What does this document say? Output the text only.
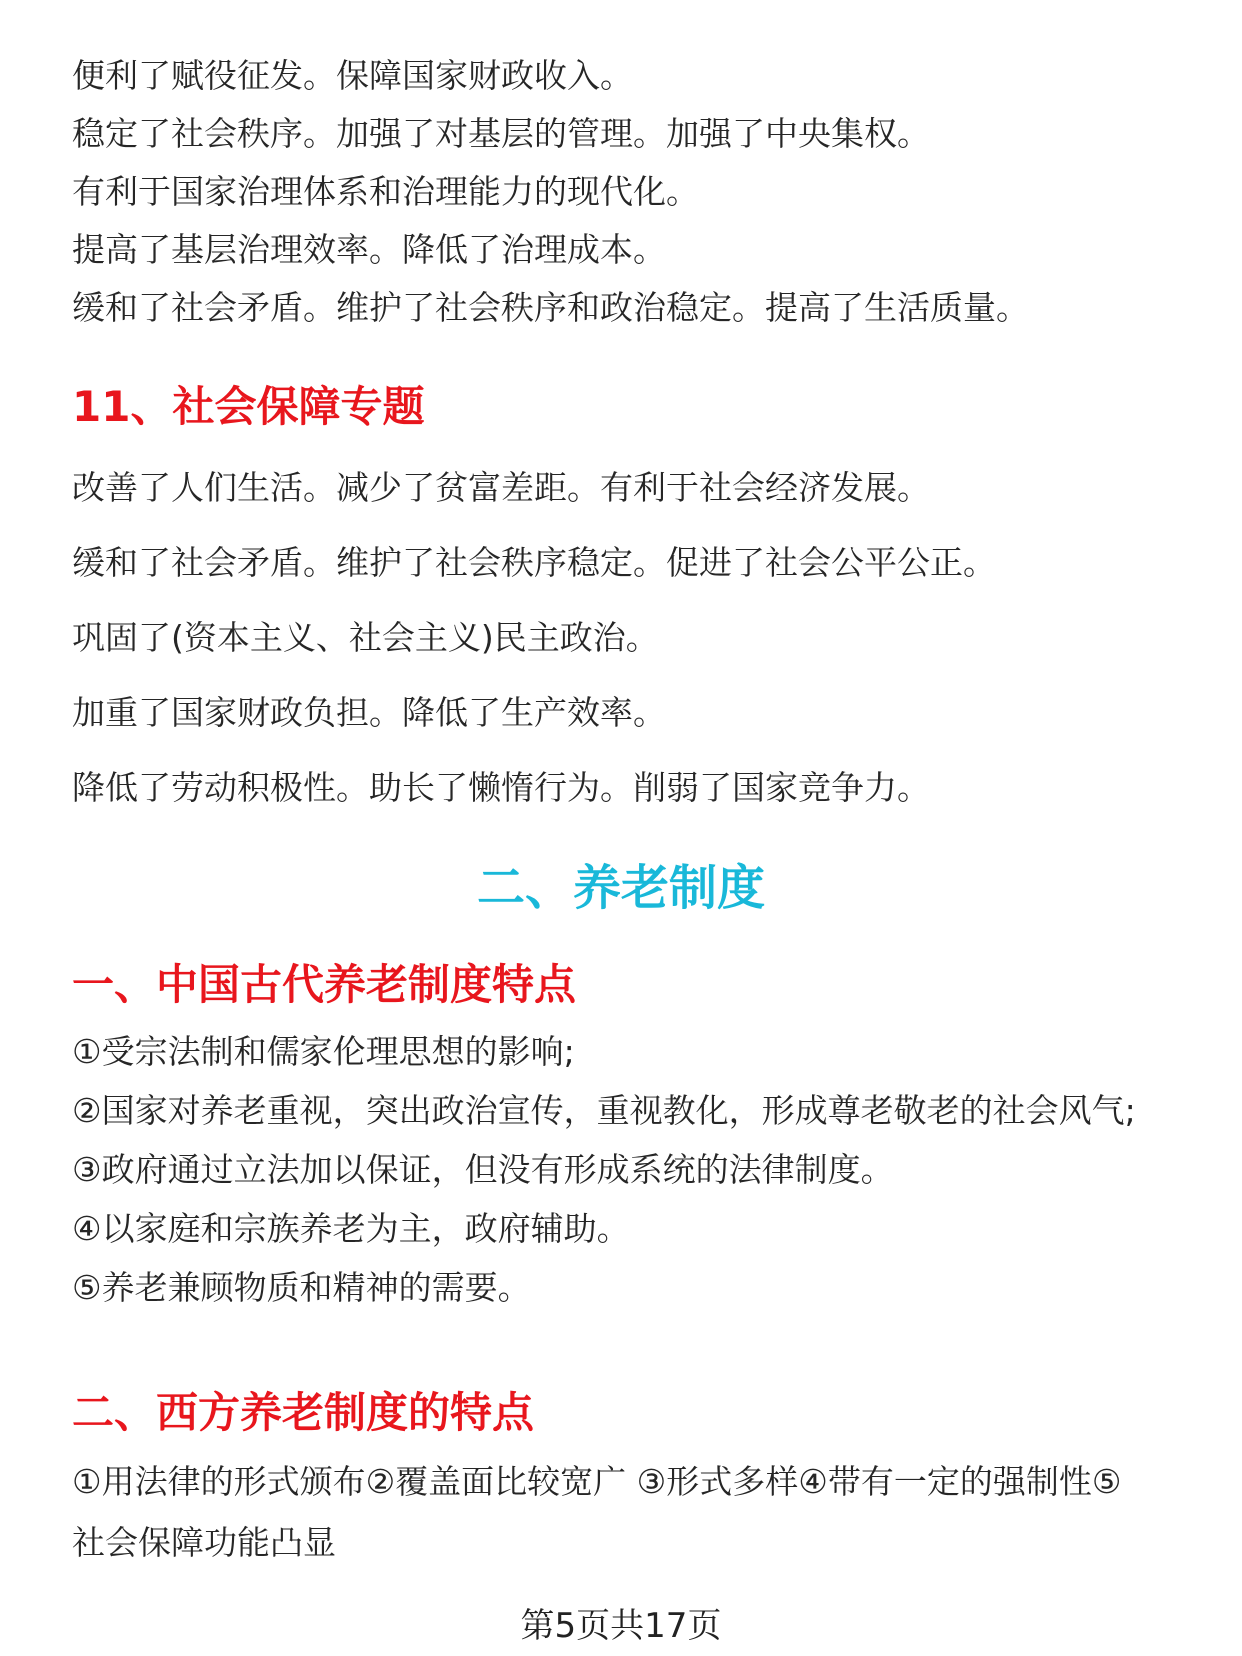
便利了赋役征发。保障国家财政收入。
稳定了社会秩序。加强了对基层的管理。加强了中央集权。
有利于国家治理体系和治理能力的现代化。
提高了基层治理效率。降低了治理成本。
缓和了社会矛盾。维护了社会秩序和政治稳定。提高了生活质量。
11、社会保障专题
改善了人们生活。减少了贫富差距。有利于社会经济发展。
缓和了社会矛盾。维护了社会秩序稳定。促进了社会公平公正。
巩固了(资本主义、社会主义)民主政治。
加重了国家财政负担。降低了生产效率。
降低了劳动积极性。助长了懒惰行为。削弱了国家竞争力。
二、养老制度
一、中国古代养老制度特点
①受宗法制和儒家伦理思想的影响;
②国家对养老重视，突出政治宣传，重视教化，形成尊老敬老的社会风气;
③政府通过立法加以保证，但没有形成系统的法律制度。
④以家庭和宗族养老为主，政府辅助。
⑤养老兼顾物质和精神的需要。
二、西方养老制度的特点
①用法律的形式颁布②覆盖面比较宽广 ③形式多样④带有一定的强制性⑤
社会保障功能凸显
第5页共17页
